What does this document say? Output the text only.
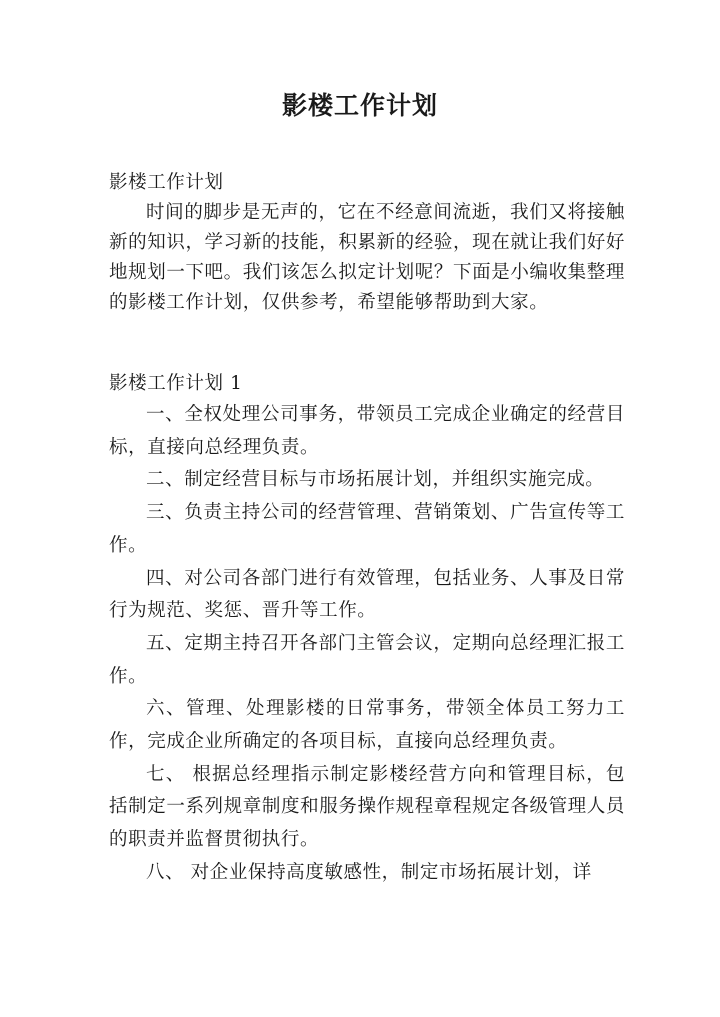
影楼工作计划
影楼工作计划

时间的脚步是无声的，它在不经意间流逝，我们又将接触新的知识，学习新的技能，积累新的经验，现在就让我们好好地规划一下吧。我们该怎么拟定计划呢？下面是小编收集整理的影楼工作计划，仅供参考，希望能够帮助到大家。

影楼工作计划 1

一、全权处理公司事务，带领员工完成企业确定的经营目标，直接向总经理负责。

二、制定经营目标与市场拓展计划，并组织实施完成。

三、负责主持公司的经营管理、营销策划、广告宣传等工作。

四、对公司各部门进行有效管理，包括业务、人事及日常行为规范、奖惩、晋升等工作。

五、定期主持召开各部门主管会议，定期向总经理汇报工作。

六、管理、处理影楼的日常事务，带领全体员工努力工作，完成企业所确定的各项目标，直接向总经理负责。

七、 根据总经理指示制定影楼经营方向和管理目标，包括制定一系列规章制度和服务操作规程章程规定各级管理人员的职责并监督贯彻执行。

八、 对企业保持高度敏感性，制定市场拓展计划，详
